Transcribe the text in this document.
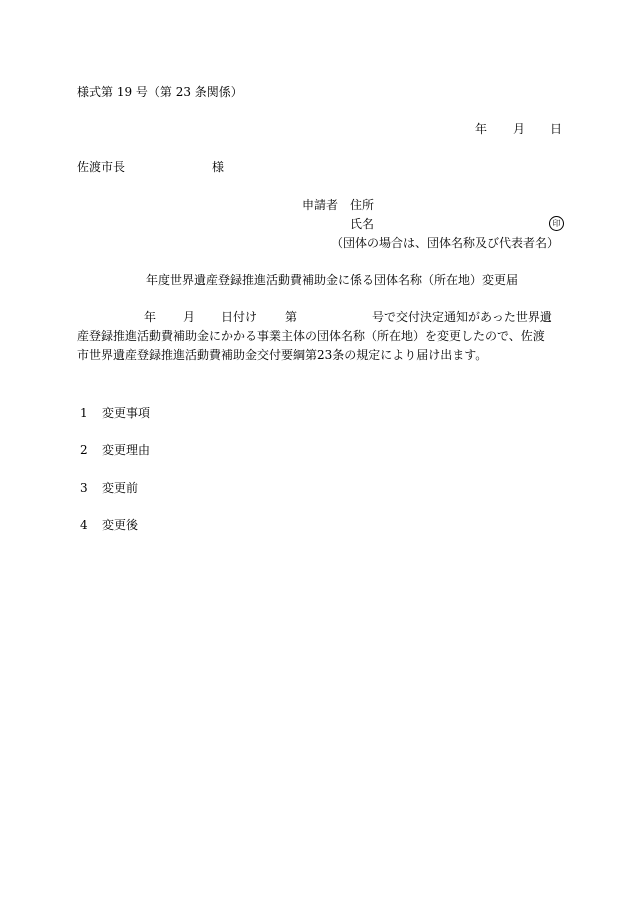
様式第 19 号（第 23 条関係）
年 月 日
佐渡市長	様
申請者 住所
氏名	印
（団体の場合は、団体名称及び代表者名）
年度世界遺産登録推進活動費補助金に係る団体名称（所在地）変更届
年 月 日付け 第	号で交付決定通知があった世界遺
産登録推進活動費補助金にかかる事業主体の団体名称（所在地）を変更したので、佐渡
市世界遺産登録推進活動費補助金交付要綱第23条の規定により届け出ます。
1 変更事項
2 変更理由
3 変更前
4 変更後
